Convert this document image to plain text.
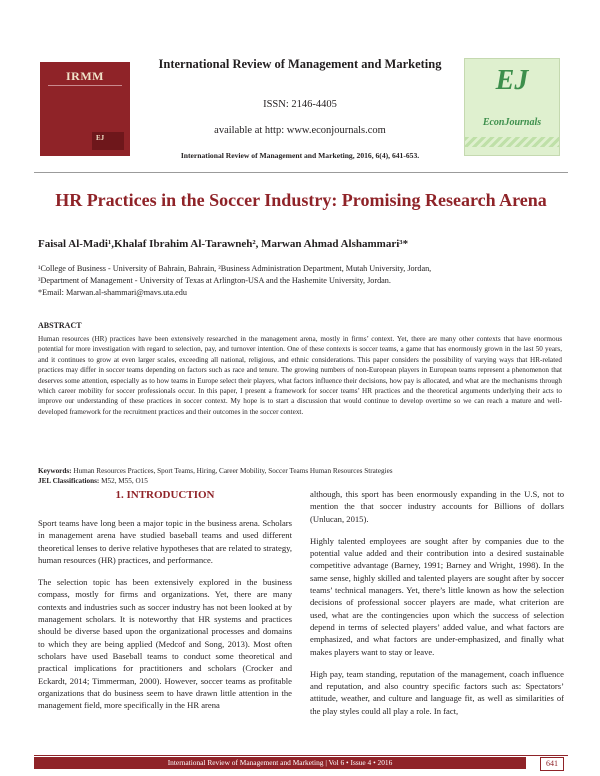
IRMM
EJ
International Review of Management and Marketing
ISSN: 2146-4405
available at http: www.econjournals.com
International Review of Management and Marketing, 2016, 6(4), 641-653.
EJ
EconJournals
HR Practices in the Soccer Industry: Promising Research Arena
Faisal Al-Madi¹,Khalaf Ibrahim Al-Tarawneh², Marwan Ahmad Alshammari³*
¹College of Business - University of Bahrain, Bahrain, ²Business Administration Department, Mutah University, Jordan,
³Department of Management - University of Texas at Arlington-USA and the Hashemite University, Jordan.
*Email: Marwan.al-shammari@mavs.uta.edu
ABSTRACT
Human resources (HR) practices have been extensively researched in the management arena, mostly in firms’ context. Yet, there are many other contexts that have enormous potential for more investigation with regard to selection, pay, and turnover intention. One of these contexts is soccer teams, a game that has enormously grown in the last 50 years, and it continues to grow at even larger scales, exceeding all national, religious, and ethnic considerations. This paper considers the possibility of varying ways that HR-related practices may differ in soccer teams depending on factors such as race and tenure. The growing numbers of non-European players in European teams represent a phenomenon that deserves some attention, especially as to how teams in Europe select their players, what factors influence their decisions, how pay is allocated, and what are the mechanisms through which career mobility for soccer professionals occur. In this paper, I present a framework for soccer teams’ HR practices and the theoretical arguments underlying their acts to improve our understanding of these practices in soccer context. My hope is to start a discussion that would continue to develop overtime so we can reach a mature and well-developed framework for the recruitment practices and their outcomes in the soccer context.
Keywords: Human Resources Practices, Sport Teams, Hiring, Career Mobility, Soccer Teams Human Resources Strategies
JEL Classifications: M52, M55, O15
1. INTRODUCTION

Sport teams have long been a major topic in the business arena. Scholars in management arena have studied baseball teams and used different theoretical lenses to derive relative hypotheses that are related to strategy, human resources (HR) practices, and performance.

The selection topic has been extensively explored in the business compass, mostly for firms and organizations. Yet, there are many contexts and industries such as soccer industry has not been looked at by management scholars. It is noteworthy that HR systems and practices should be diverse based upon the organizational processes and domains to which they are being applied (Medcof and Song, 2013). Most often scholars have used Baseball teams to conduct some theoretical and practical implications for practitioners and scholars (Crocker and Eckardt, 2014; Timmerman, 2000). However, soccer teams as profitable organizations that do business seem to have drawn little attention in the management field, more specifically in the HR arena

although, this sport has been enormously expanding in the U.S, not to mention the that soccer industry accounts for Billions of dollars (Unlucan, 2015).

Highly talented employees are sought after by companies due to the potential value added and their contribution into a desired sustainable competitive advantage (Barney, 1991; Barney and Wright, 1998). In the same sense, highly skilled and talented players are sought after by soccer teams’ technical managers. Yet, there’s little known as how the selection decisions of professional soccer players are made, what criterion are used, what are the contingencies upon which the success of selection depend in terms of selected players’ added value, and what factors are emphasized, and what factors are under-emphasized, and finally what makes players want to stay or leave.

High pay, team standing, reputation of the management, coach influence and reputation, and also country specific factors such as: Spectators’ attitude, weather, and culture and language fit, as well as similarities of the play styles could all play a role. In fact,

International Review of Management and Marketing | Vol 6 • Issue 4 • 2016	641
